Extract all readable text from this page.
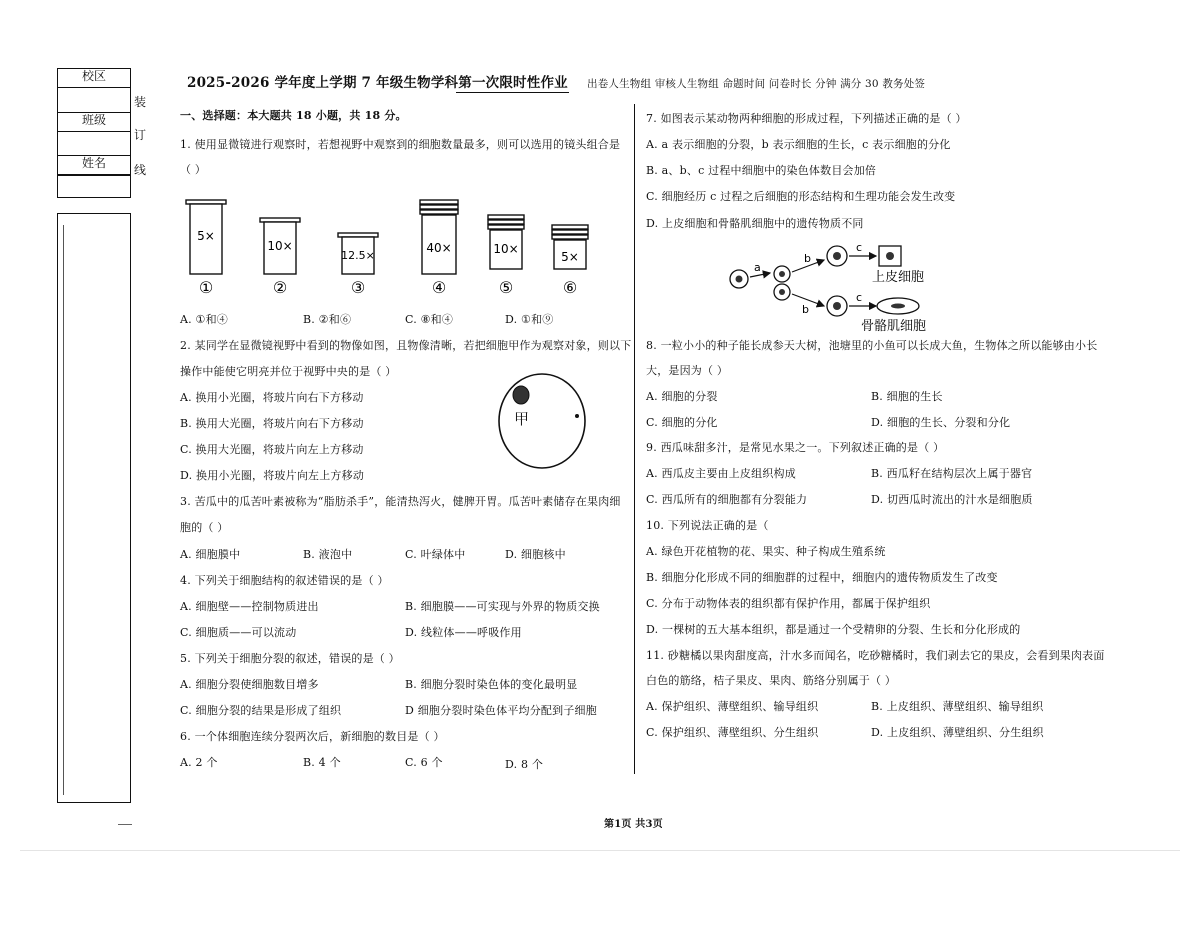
校区
班级
姓名
装
订
线
2025-2026 学年度上学期 7 年级生物学科第一次限时性作业 出卷人生物组 审核人生物组 命题时间 问卷时长 分钟 满分 30 教务处签
一、选择题：本大题共 18 小题，共 18 分。
1. 使用显微镜进行观察时，若想视野中观察到的细胞数量最多，则可以选用的镜头组合是
（ ）
5×
10×
12.5×
40×	10×
5×
①	②	③	④	⑤	⑥
A. ①和④	B. ②和⑥	C. ⑧和④	D. ①和⑨
2. 某同学在显微镜视野中看到的物像如图，且物像清晰，若把细胞甲作为观察对象，则以下
操作中能使它明亮并位于视野中央的是（ ）
A. 换用小光圈，将玻片向右下方移动
B. 换用大光圈，将玻片向右下方移动
C. 换用大光圈，将玻片向左上方移动
D. 换用小光圈，将玻片向左上方移动
甲
3. 苦瓜中的瓜苦叶素被称为“脂肪杀手”，能清热泻火，健脾开胃。瓜苦叶素储存在果肉细
胞的（ ）
A. 细胞膜中	B. 液泡中	C. 叶绿体中	D. 细胞核中
4. 下列关于细胞结构的叙述错误的是（ ）
A. 细胞壁——控制物质进出	B. 细胞膜——可实现与外界的物质交换
C. 细胞质——可以流动	D. 线粒体——呼吸作用
5. 下列关于细胞分裂的叙述，错误的是（ ）
A. 细胞分裂使细胞数目增多	B. 细胞分裂时染色体的变化最明显
C. 细胞分裂的结果是形成了组织	D 细胞分裂时染色体平均分配到子细胞
6. 一个体细胞连续分裂两次后，新细胞的数目是（ ）
A. 2 个	B. 4 个	C. 6 个	D. 8 个
7. 如图表示某动物两种细胞的形成过程，下列描述正确的是（ ）
A. a 表示细胞的分裂，b 表示细胞的生长，c 表示细胞的分化
B. a、b、c 过程中细胞中的染色体数目会加倍
C. 细胞经历 c 过程之后细胞的形态结构和生理功能会发生改变
D. 上皮细胞和骨骼肌细胞中的遗传物质不同
a
b
b
c
c
上皮细胞
骨骼肌细胞
8. 一粒小小的种子能长成参天大树，池塘里的小鱼可以长成大鱼，生物体之所以能够由小长
大，是因为（ ）
A. 细胞的分裂	B. 细胞的生长
C. 细胞的分化	D. 细胞的生长、分裂和分化
9. 西瓜味甜多汁，是常见水果之一。下列叙述正确的是（ ）
A. 西瓜皮主要由上皮组织构成	B. 西瓜籽在结构层次上属于器官
C. 西瓜所有的细胞都有分裂能力	D. 切西瓜时流出的汁水是细胞质
10. 下列说法正确的是（
A. 绿色开花植物的花、果实、种子构成生殖系统
B. 细胞分化形成不同的细胞群的过程中，细胞内的遗传物质发生了改变
C. 分布于动物体表的组织都有保护作用，都属于保护组织
D. 一棵树的五大基本组织，都是通过一个受精卵的分裂、生长和分化形成的
11. 砂糖橘以果肉甜度高，汁水多而闻名，吃砂糖橘时，我们剥去它的果皮，会看到果肉表面
白色的筋络，桔子果皮、果肉、筋络分别属于（ ）
A. 保护组织、薄壁组织、输导组织	B. 上皮组织、薄壁组织、输导组织
C. 保护组织、薄壁组织、分生组织	D. 上皮组织、薄壁组织、分生组织
第1页 共3页
